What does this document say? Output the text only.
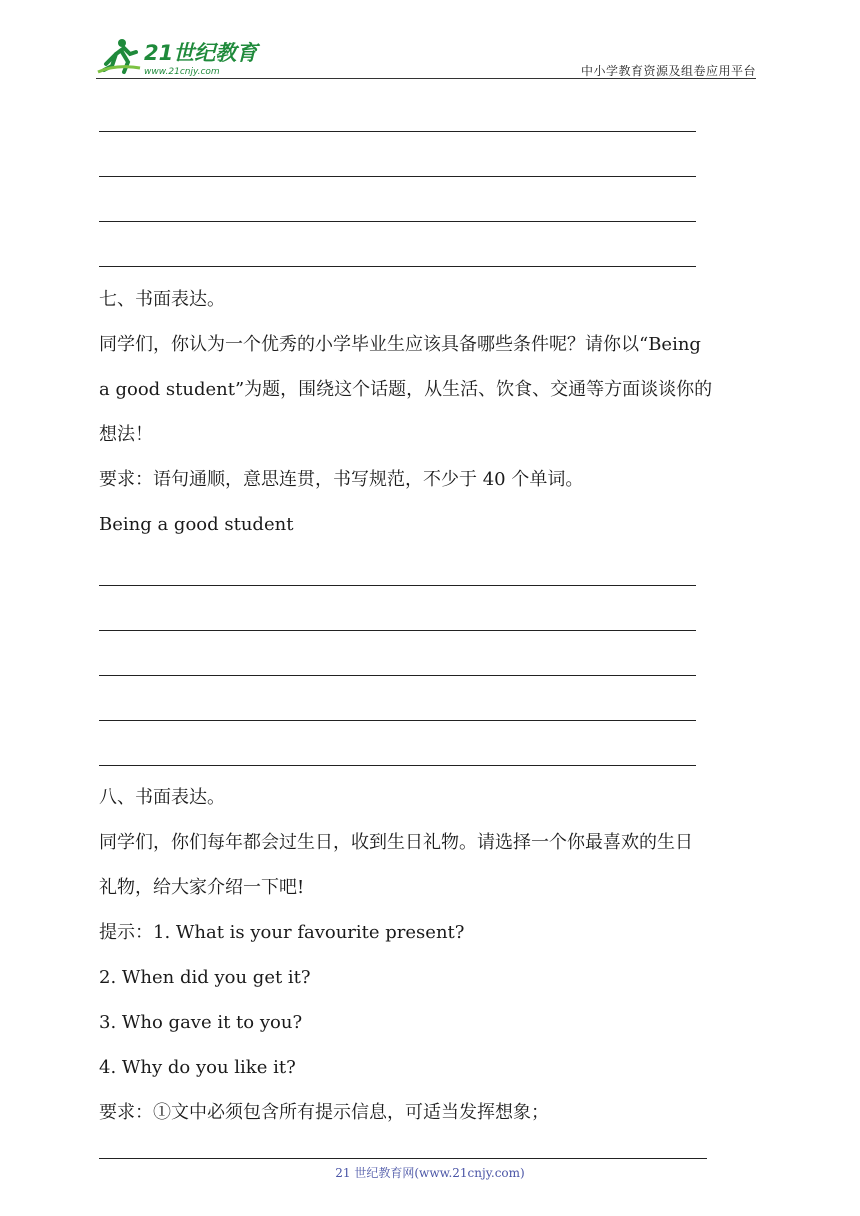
21世纪教育
www.21cnjy.com	中小学教育资源及组卷应用平台
七、书面表达。
同学们，你认为一个优秀的小学毕业生应该具备哪些条件呢？请你以“Being
a good student”为题，围绕这个话题，从生活、饮食、交通等方面谈谈你的
想法！
要求：语句通顺，意思连贯，书写规范，不少于 40 个单词。
Being a good student
八、书面表达。
同学们，你们每年都会过生日，收到生日礼物。请选择一个你最喜欢的生日
礼物，给大家介绍一下吧!
提示：1. What is your favourite present?
2. When did you get it?
3. Who gave it to you?
4. Why do you like it?
要求：①文中必须包含所有提示信息，可适当发挥想象；
21 世纪教育网(www.21cnjy.com)
